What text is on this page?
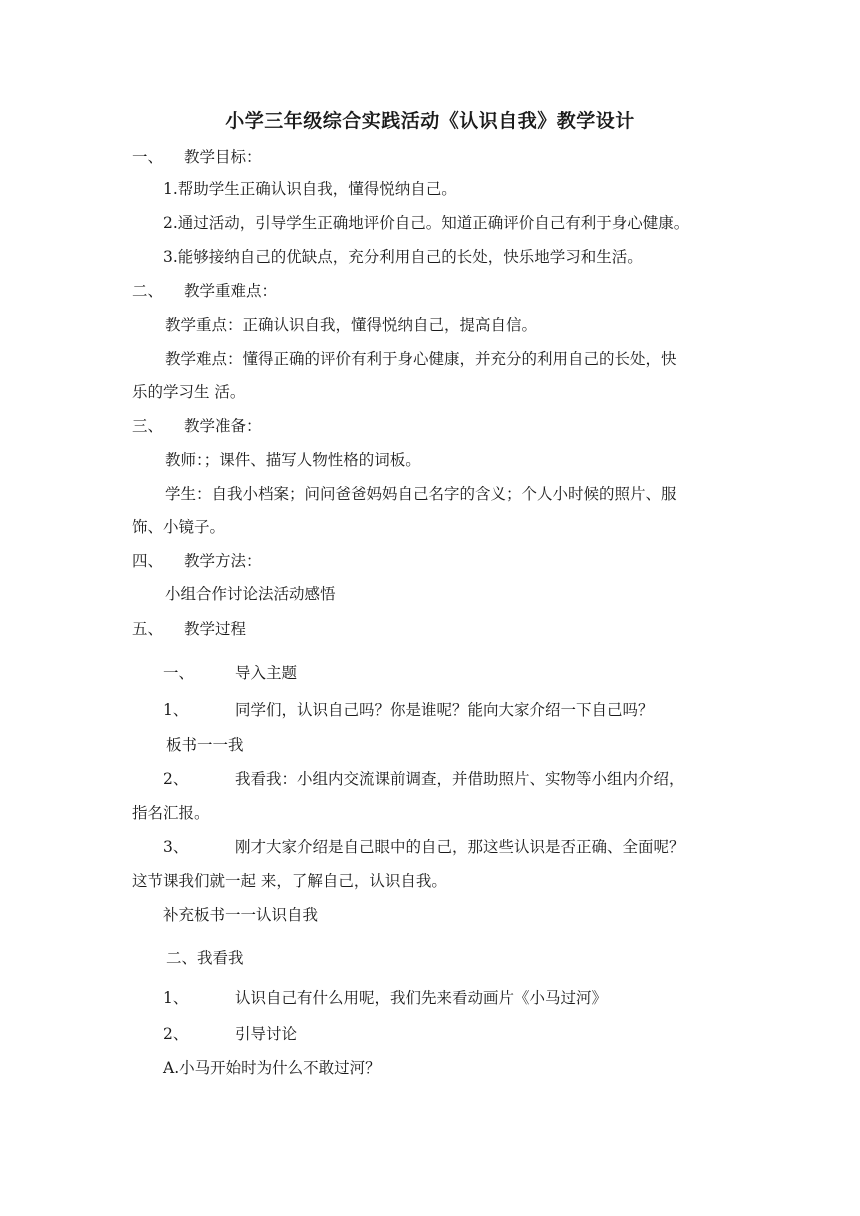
小学三年级综合实践活动《认识自我》教学设计
一、 教学目标：
1.帮助学生正确认识自我，懂得悦纳自己。
2.通过活动，引导学生正确地评价自己。知道正确评价自己有利于身心健康。
3.能够接纳自己的优缺点，充分利用自己的长处，快乐地学习和生活。
二、 教学重难点：
教学重点：正确认识自我，懂得悦纳自己，提高自信。
教学难点：懂得正确的评价有利于身心健康，并充分的利用自己的长处，快
乐的学习生 活。
三、 教学准备：
教师：；课件、描写人物性格的词板。
学生：自我小档案；问问爸爸妈妈自己名字的含义；个人小时候的照片、服
饰、小镜子。
四、 教学方法：
小组合作讨论法活动感悟
五、 教学过程
一、	导入主题
1、	同学们，认识自己吗？你是谁呢？能向大家介绍一下自己吗？
板书一一我
2、	我看我：小组内交流课前调查，并借助照片、实物等小组内介绍，
指名汇报。
3、	刚才大家介绍是自己眼中的自己，那这些认识是否正确、全面呢？
这节课我们就一起 来，了解自己，认识自我。
补充板书一一认识自我
二、我看我
1、	认识自己有什么用呢，我们先来看动画片《小马过河》
2、	引导讨论
A.小马开始时为什么不敢过河？
